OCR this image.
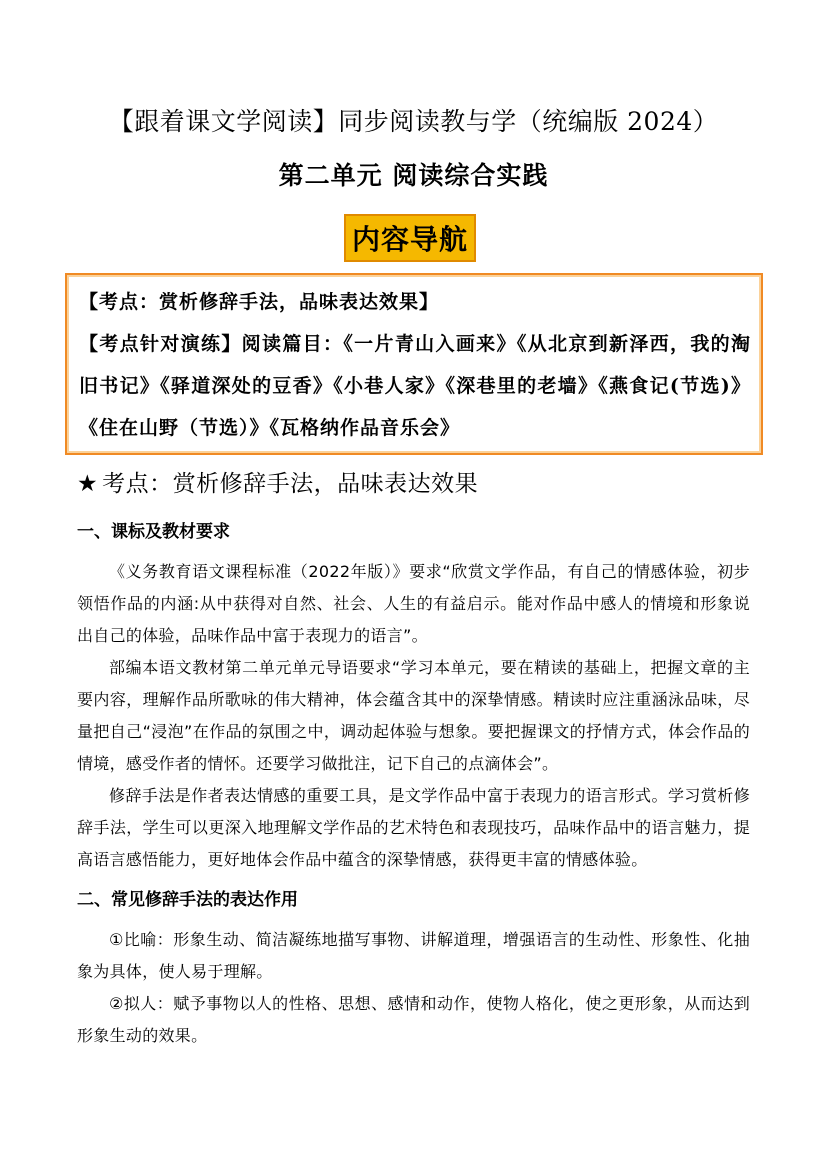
【跟着课文学阅读】同步阅读教与学（统编版 2024）
第二单元 阅读综合实践
内容导航
【考点：赏析修辞手法，品味表达效果】
【考点针对演练】阅读篇目：《一片青山入画来》《从北京到新泽西，我的淘旧书记》《驿道深处的豆香》《小巷人家》《深巷里的老墙》《燕食记(节选)》《住在山野（节选）》《瓦格纳作品音乐会》
★ 考点：赏析修辞手法，品味表达效果
一、课标及教材要求
《义务教育语文课程标准（2022年版）》要求“欣赏文学作品，有自己的情感体验，初步领悟作品的内涵:从中获得对自然、社会、人生的有益启示。能对作品中感人的情境和形象说出自己的体验，品味作品中富于表现力的语言”。
部编本语文教材第二单元单元导语要求“学习本单元，要在精读的基础上，把握文章的主要内容，理解作品所歌咏的伟大精神，体会蕴含其中的深挚情感。精读时应注重涵泳品味，尽量把自己“浸泡”在作品的氛围之中，调动起体验与想象。要把握课文的抒情方式，体会作品的情境，感受作者的情怀。还要学习做批注，记下自己的点滴体会”。
修辞手法是作者表达情感的重要工具，是文学作品中富于表现力的语言形式。学习赏析修辞手法，学生可以更深入地理解文学作品的艺术特色和表现技巧，品味作品中的语言魅力，提高语言感悟能力，更好地体会作品中蕴含的深挚情感，获得更丰富的情感体验。
二、常见修辞手法的表达作用
①比喻：形象生动、简洁凝练地描写事物、讲解道理，增强语言的生动性、形象性、化抽象为具体，使人易于理解。
②拟人：赋予事物以人的性格、思想、感情和动作，使物人格化，使之更形象，从而达到形象生动的效果。
